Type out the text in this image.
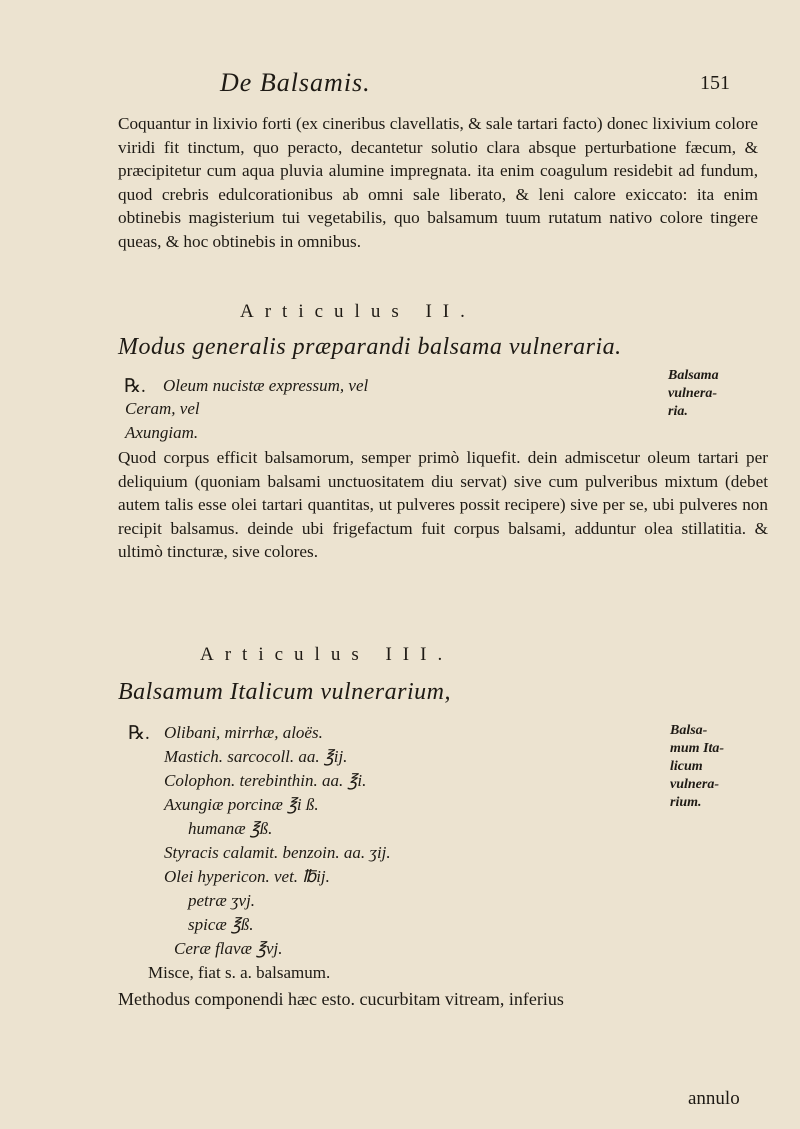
De Balsamis.	151
Coquantur in lixivio forti (ex cineribus clavellatis, & sale tartari facto) donec lixivium colore viridi fit tinctum, quo peracto, decantetur solutio clara absque perturbatione fæcum, & præcipitetur cum aqua pluvia alumine impregnata. ita enim coagulum residebit ad fundum, quod crebris edulcorationibus ab omni sale liberato, & leni calore exiccato: ita enim obtinebis magisterium tui vegetabilis, quo balsamum tuum rutatum nativo colore tingere queas, & hoc obtinebis in omnibus.
Articulus II.
Modus generalis præparandi balsama vulneraria.
℞. Oleum nucistæ expressum, vel
Ceram, vel
Axungiam.
Balsama
vulnera-
ria.
Quod corpus efficit balsamorum, semper primò liquefit. dein admiscetur oleum tartari per deliquium (quoniam balsami unctuositatem diu servat) sive cum pulveribus mixtum (debet autem talis esse olei tartari quantitas, ut pulveres possit recipere) sive per se, ubi pulveres non recipit balsamus. deinde ubi frigefactum fuit corpus balsami, adduntur olea stillatitia. & ultimò tincturæ, sive colores.
Articulus III.
Balsamum Italicum vulnerarium,
℞. Olibani, mirrhæ, aloës.
Mastich. sarcocoll. aa. ℥ij.
Colophon. terebinthin. aa. ℥i.
Axungiæ porcinæ ℥i ß.
humanæ ℥ß.
Styracis calamit. benzoin. aa. ʒij.
Olei hypericon. vet. ℔ij.
petræ ʒvj.
spicæ ℥ß.
Ceræ flavæ ℥vj.
Misce, fiat s. a. balsamum.
Balsa-
mum Ita-
licum
vulnera-
rium.
Methodus componendi hæc esto. cucurbitam vitream, inferius
annulo
